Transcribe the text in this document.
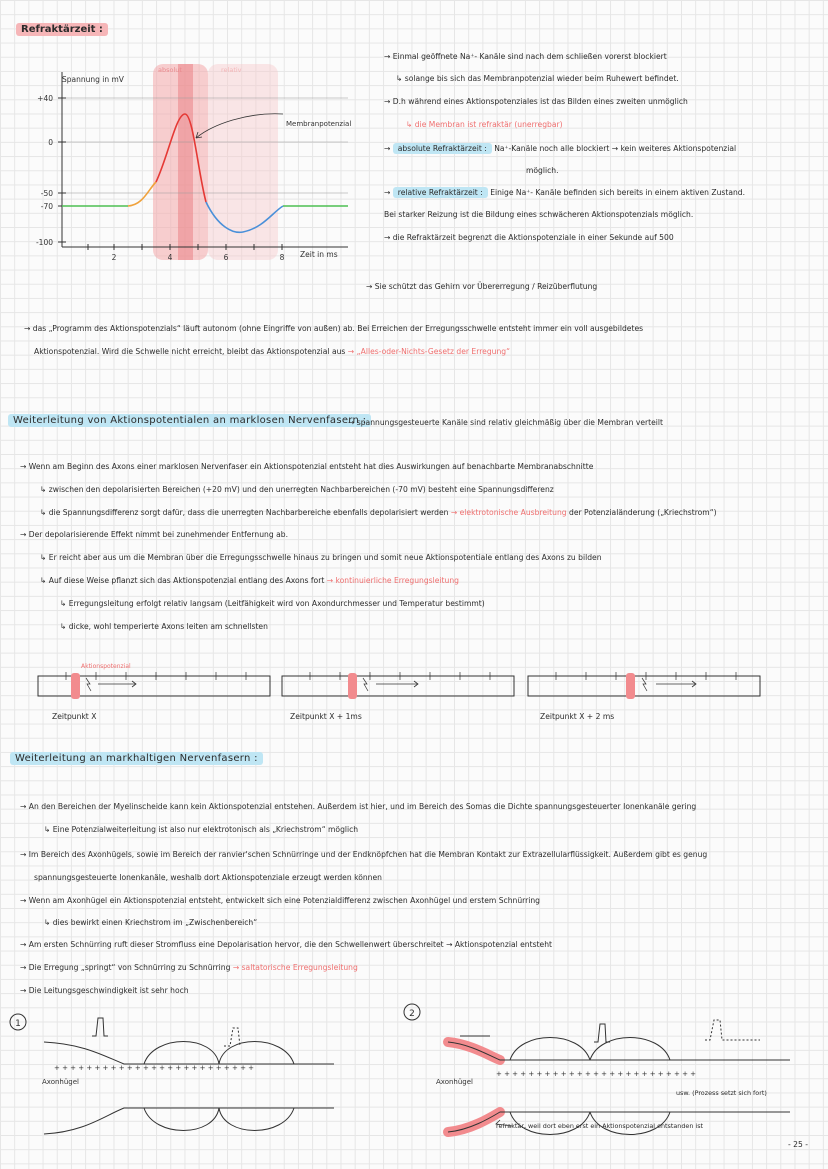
Refraktärzeit :
absolut	relativ
Spannung in mV
+40
0
-50
-70
-100
2	4	6	8 Zeit in ms
Membranpotenzial
→ Einmal geöffnete Na⁺- Kanäle sind nach dem schließen vorerst blockiert
↳ solange bis sich das Membranpotenzial wieder beim Ruhewert befindet.
→ D.h während eines Aktionspotenziales ist das Bilden eines zweiten unmöglich
↳ die Membran ist refraktär (unerregbar)
→ absolute Refraktärzeit : Na⁺-Kanäle noch alle blockiert → kein weiteres Aktionspotenzial
möglich.
→ relative Refraktärzeit : Einige Na⁺- Kanäle befinden sich bereits in einem aktiven Zustand.
Bei starker Reizung ist die Bildung eines schwächeren Aktionspotenzials möglich.
→ die Refraktärzeit begrenzt die Aktionspotenziale in einer Sekunde auf 500
→ Sie schützt das Gehirn vor Übererregung / Reizüberflutung
→ das „Programm des Aktionspotenzials“ läuft autonom (ohne Eingriffe von außen) ab. Bei Erreichen der Erregungsschwelle entsteht immer ein voll ausgebildetes
Aktionspotenzial. Wird die Schwelle nicht erreicht, bleibt das Aktionspotenzial aus → „Alles-oder-Nichts-Gesetz der Erregung“
Weiterleitung von Aktionspotentialen an marklosen Nervenfasern :
→ spannungsgesteuerte Kanäle sind relativ gleichmäßig über die Membran verteilt
→ Wenn am Beginn des Axons einer marklosen Nervenfaser ein Aktionspotenzial entsteht hat dies Auswirkungen auf benachbarte Membranabschnitte
↳ zwischen den depolarisierten Bereichen (+20 mV) und den unerregten Nachbarbereichen (-70 mV) besteht eine Spannungsdifferenz
↳ die Spannungsdifferenz sorgt dafür, dass die unerregten Nachbarbereiche ebenfalls depolarisiert werden → elektrotonische Ausbreitung der Potenzialänderung („Kriechstrom“)
→ Der depolarisierende Effekt nimmt bei zunehmender Entfernung ab.
↳ Er reicht aber aus um die Membran über die Erregungsschwelle hinaus zu bringen und somit neue Aktionspotentiale entlang des Axons zu bilden
↳ Auf diese Weise pflanzt sich das Aktionspotenzial entlang des Axons fort → kontinuierliche Erregungsleitung
↳ Erregungsleitung erfolgt relativ langsam (Leitfähigkeit wird von Axondurchmesser und Temperatur bestimmt)
↳ dicke, wohl temperierte Axons leiten am schnellsten
Aktionspotenzial
Zeitpunkt X	Zeitpunkt X + 1ms	Zeitpunkt X + 2 ms
Weiterleitung an markhaltigen Nervenfasern :
→ An den Bereichen der Myelinscheide kann kein Aktionspotenzial entstehen. Außerdem ist hier, und im Bereich des Somas die Dichte spannungsgesteuerter Ionenkanäle gering
↳ Eine Potenzialweiterleitung ist also nur elektrotonisch als „Kriechstrom“ möglich
→ Im Bereich des Axonhügels, sowie im Bereich der ranvier'schen Schnürringe und der Endknöpfchen hat die Membran Kontakt zur Extrazellularflüssigkeit. Außerdem gibt es genug
spannungsgesteuerte Ionenkanäle, weshalb dort Aktionspotenziale erzeugt werden können
→ Wenn am Axonhügel ein Aktionspotenzial entsteht, entwickelt sich eine Potenzialdifferenz zwischen Axonhügel und erstem Schnürring
↳ dies bewirkt einen Kriechstrom im „Zwischenbereich“
→ Am ersten Schnürring ruft dieser Stromfluss eine Depolarisation hervor, die den Schwellenwert überschreitet → Aktionspotenzial entsteht
→ Die Erregung „springt“ von Schnürring zu Schnürring → saltatorische Erregungsleitung
→ Die Leitungsgeschwindigkeit ist sehr hoch
1
+ + + + + + + + + + + + + + + + + + + + + + + + +
Axonhügel
2
+ + + + + + + + + + + + + + + + + + + + + + + + +
Axonhügel
usw. (Prozess setzt sich fort)
refraktär, weil dort eben erst ein Aktionspotenzial entstanden ist
- 25 -
